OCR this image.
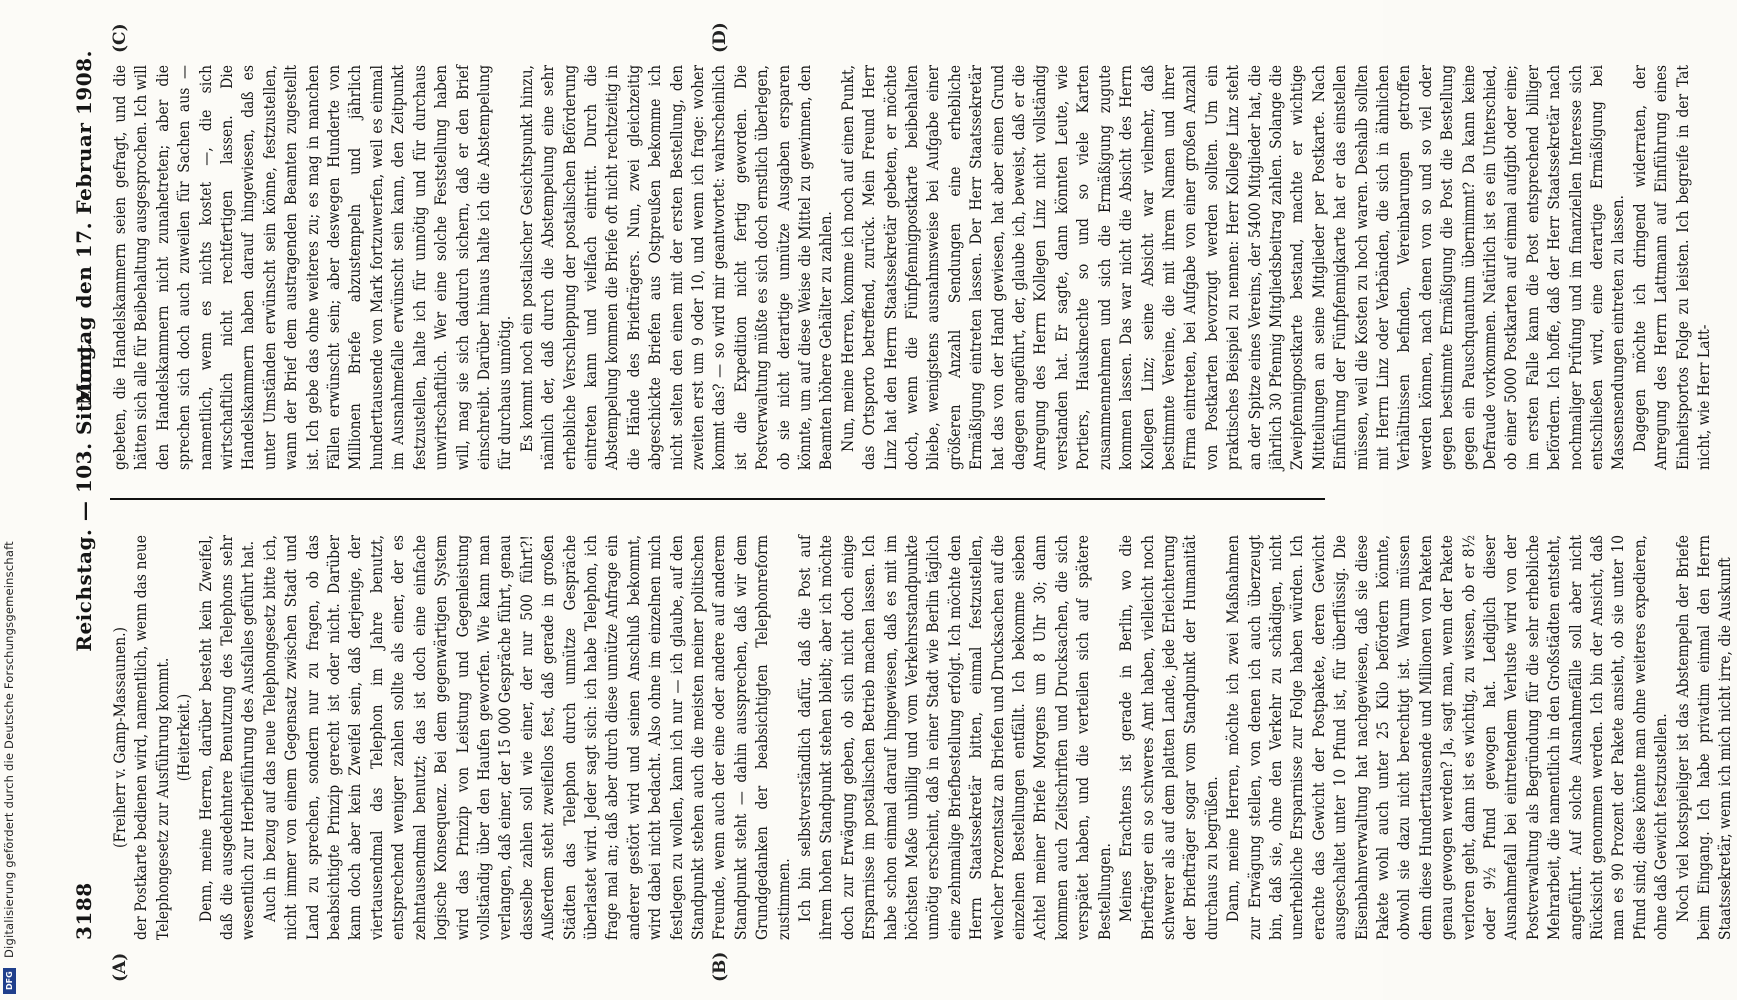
3188
Reichstag. — 103. Sitzung.
Montag den 17. Februar 1908.

(Freiherr v. Gamp-Massaunen.) der Postkarte bedienen wird, namentlich, wenn das neue Telephongesetz zur Ausführung kommt. (Heiterkeit.) Denn, meine Herren, darüber besteht kein Zweifel, daß die ausgedehntere Benutzung des Telephons sehr wesentlich zur Herbeiführung des Ausfalles geführt hat. Auch in bezug auf das neue Telephongesetz bitte ich, nicht immer von einem Gegensatz zwischen Stadt und Land zu sprechen, sondern nur zu fragen, ob das beabsichtigte Prinzip gerecht ist oder nicht. Darüber kann doch aber kein Zweifel sein, daß derjenige, der viertausendmal das Telephon im Jahre benutzt, entsprechend weniger zahlen sollte als einer, der es zehntausendmal benutzt; das ist doch eine einfache logische Konsequenz. Bei dem gegenwärtigen System wird das Prinzip von Leistung und Gegenleistung vollständig über den Haufen geworfen. Wie kann man verlangen, daß einer, der 15 000 Gespräche führt, genau dasselbe zahlen soll wie einer, der nur 500 führt?! Außerdem steht zweifellos fest, daß gerade in großen Städten das Telephon durch unnütze Gespräche überlastet wird. Jeder sagt sich: ich habe Telephon, ich frage mal an; daß aber durch diese unnütze Anfrage ein anderer gestört wird und seinen Anschluß bekommt, wird dabei nicht bedacht. Also ohne im einzelnen mich festlegen zu wollen, kann ich nur — ich glaube, auf den Standpunkt stehen auch die meisten meiner politischen Freunde, wenn auch der eine oder andere auf anderem Standpunkt steht — dahin aussprechen, daß wir dem Grundgedanken der beabsichtigten Telephonreform zustimmen. Ich bin selbstverständlich dafür, daß die Post auf ihrem hohen Standpunkt stehen bleibt; aber ich möchte doch zur Erwägung geben, ob sich nicht doch einige Ersparnisse im postalischen Betrieb machen lassen. Ich habe schon einmal darauf hingewiesen, daß es mit im höchsten Maße unbillig und vom Verkehrsstandpunkte unnötig erscheint, daß in einer Stadt wie Berlin täglich eine zehnmalige Briefbestellung erfolgt. Ich möchte den Herrn Staatssekretär bitten, einmal festzustellen, welcher Prozentsatz an Briefen und Drucksachen auf die einzelnen Bestellungen entfällt. Ich bekomme sieben Achtel meiner Briefe Morgens um 8 Uhr 30; dann kommen auch Zeitschriften und Drucksachen, die sich verspätet haben, und die verteilen sich auf spätere Bestellungen. Meines Erachtens ist gerade in Berlin, wo die Briefträger ein so schweres Amt haben, vielleicht noch schwerer als auf dem platten Lande, jede Erleichterung der Briefträger sogar vom Standpunkt der Humanität durchaus zu begrüßen. Dann, meine Herren, möchte ich zwei Maßnahmen zur Erwägung stellen, von denen ich auch überzeugt bin, daß sie, ohne den Verkehr zu schädigen, nicht unerhebliche Ersparnisse zur Folge haben würden. Ich erachte das Gewicht der Postpakete, deren Gewicht ausgeschaltet unter 10 Pfund ist, für überflüssig. Die Eisenbahnverwaltung hat nachgewiesen, daß sie diese Pakete wohl auch unter 25 Kilo befördern könnte, obwohl sie dazu nicht berechtigt ist. Warum müssen denn diese Hunderttausende und Millionen von Paketen genau gewogen werden? Ja, sagt man, wenn der Pakete verloren geht, dann ist es wichtig, zu wissen, ob er 8½ oder 9½ Pfund gewogen hat. Lediglich dieser Ausnahmefall bei eintretendem Verluste wird von der Postverwaltung als Begründung für die sehr erhebliche Mehrarbeit, die namentlich in den Großstädten entsteht, angeführt. Auf solche Ausnahmefälle soll aber nicht Rücksicht genommen werden. Ich bin der Ansicht, daß man es 90 Prozent der Pakete ansieht, ob sie unter 10 Pfund sind; diese könnte man ohne weiteres expedieren, ohne daß Gewicht festzustellen. Noch viel kostspieliger ist das Abstempeln der Briefe beim Eingang. Ich habe privatim einmal den Herrn Staatssekretär, wenn ich mich nicht irre, die Auskunft

gebeten, die Handelskammern seien gefragt, und die hätten sich alle für Beibehaltung ausgesprochen. Ich will den Handelskammern nicht zunahetreten; aber die sprechen sich doch auch zuweilen für Sachen aus — namentlich, wenn es nichts kostet —, die sich wirtschaftlich nicht rechtfertigen lassen. Die Handelskammern haben darauf hingewiesen, daß es unter Umständen erwünscht sein könne, festzustellen, wann der Brief dem austragenden Beamten zugestellt ist. Ich gebe das ohne weiteres zu; es mag in manchen Fällen erwünscht sein; aber deswegen Hunderte von Millionen Briefe abzustempeln und jährlich hunderttausende von Mark fortzuwerfen, weil es einmal im Ausnahmefalle erwünscht sein kann, den Zeitpunkt festzustellen, halte ich für unnötig und für durchaus unwirtschaftlich. Wer eine solche Feststellung haben will, mag sie sich dadurch sichern, daß er den Brief einschreibt. Darüber hinaus halte ich die Abstempelung für durchaus unnötig. Es kommt noch ein postalischer Gesichtspunkt hinzu, nämlich der, daß durch die Abstempelung eine sehr erhebliche Verschleppung der postalischen Beförderung eintreten kann und vielfach eintritt. Durch die Abstempelung kommen die Briefe oft nicht rechtzeitig in die Hände des Briefträgers. Nun, zwei gleichzeitig abgeschickte Briefen aus Ostpreußen bekomme ich nicht selten den einen mit der ersten Bestellung, den zweiten erst um 9 oder 10, und wenn ich frage: woher kommt das? — so wird mir geantwortet: wahrscheinlich ist die Expedition nicht fertig geworden. Die Postverwaltung müßte es sich doch ernstlich überlegen, ob sie nicht derartige unnütze Ausgaben ersparen könnte, um auf diese Weise die Mittel zu gewinnen, den Beamten höhere Gehälter zu zahlen. Nun, meine Herren, komme ich noch auf einen Punkt, das Ortsporto betreffend, zurück. Mein Freund Herr Linz hat den Herrn Staatssekretär gebeten, er möchte doch, wenn die Fünfpfennigpostkarte beibehalten bliebe, wenigstens ausnahmsweise bei Aufgabe einer größeren Anzahl Sendungen eine erhebliche Ermäßigung eintreten lassen. Der Herr Staatssekretär hat das von der Hand gewiesen, hat aber einen Grund dagegen angeführt, der, glaube ich, beweist, daß er die Anregung des Herrn Kollegen Linz nicht vollständig verstanden hat. Er sagte, dann könnten Leute, wie Portiers, Hausknechte so und so viele Karten zusammennehmen und sich die Ermäßigung zugute kommen lassen. Das war nicht die Absicht des Herrn Kollegen Linz; seine Absicht war vielmehr, daß bestimmte Vereine, die mit ihrem Namen und ihrer Firma eintreten, bei Aufgabe von einer großen Anzahl von Postkarten bevorzugt werden sollten. Um ein praktisches Beispiel zu nennen: Herr Kollege Linz steht an der Spitze eines Vereins, der 5400 Mitglieder hat, die jährlich 30 Pfennig Mitgliedsbeitrag zahlen. Solange die Zweipfennigpostkarte bestand, machte er wichtige Mitteilungen an seine Mitglieder per Postkarte. Nach Einführung der Fünfpfennigkarte hat er das einstellen müssen, weil die Kosten zu hoch waren. Deshalb sollten mit Herrn Linz oder Verbänden, die sich in ähnlichen Verhältnissen befinden, Vereinbarungen getroffen werden können, nach denen von so und so viel oder gegen bestimmte Ermäßigung die Post die Bestellung gegen ein Pauschquantum übernimmt? Da kann keine Defraude vorkommen. Natürlich ist es ein Unterschied, ob einer 5000 Postkarten auf einmal aufgibt oder eine; im ersten Falle kann die Post entsprechend billiger befördern. Ich hoffe, daß der Herr Staatssekretär nach nochmaliger Prüfung und im finanziellen Interesse sich entschließen wird, eine derartige Ermäßigung bei Massensendungen eintreten zu lassen. Dagegen möchte ich dringend widerraten, der Anregung des Herrn Lattmann auf Einführung eines Einheitsportos Folge zu leisten. Ich begreife in der Tat nicht, wie Herr Latt-

(A)	(B)
(C)	(D)
Digitalisierung gefördert durch die Deutsche Forschungsgemeinschaft
DFG
